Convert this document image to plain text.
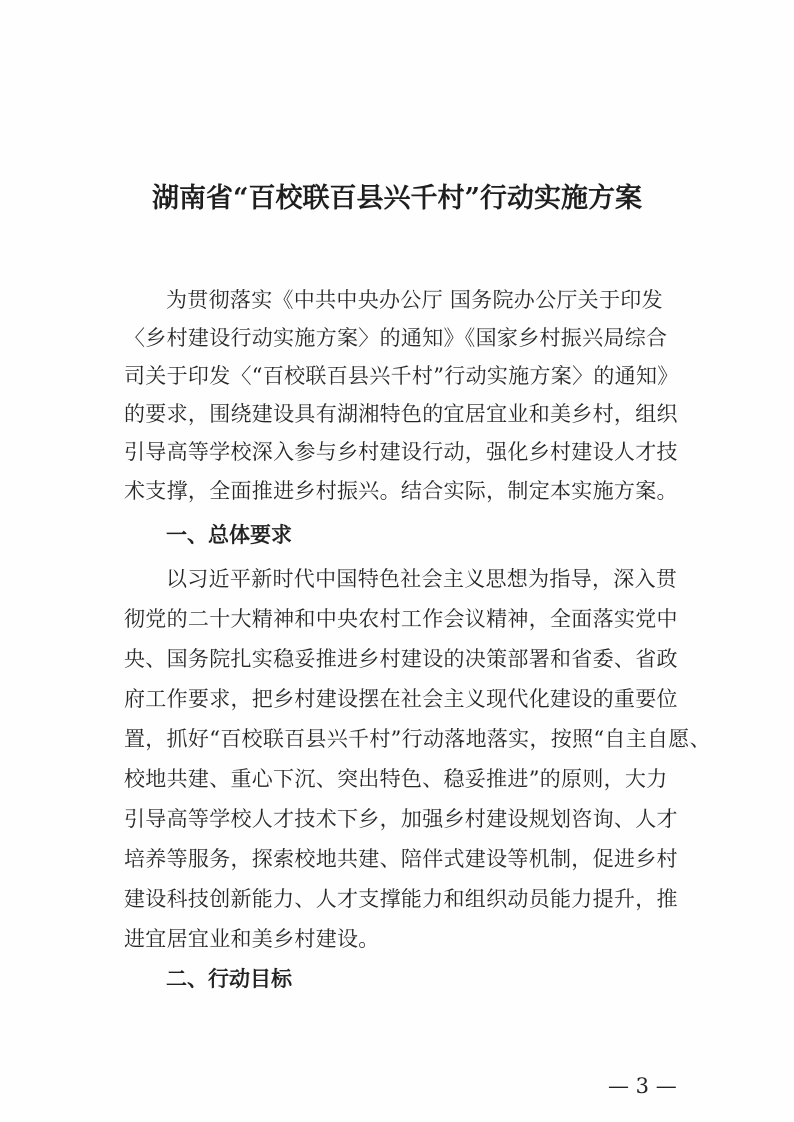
湖南省“百校联百县兴千村”行动实施方案
为贯彻落实《中共中央办公厅 国务院办公厅关于印发
〈乡村建设行动实施方案〉的通知》《国家乡村振兴局综合
司关于印发〈“百校联百县兴千村”行动实施方案〉的通知》
的要求，围绕建设具有湖湘特色的宜居宜业和美乡村，组织
引导高等学校深入参与乡村建设行动，强化乡村建设人才技
术支撑，全面推进乡村振兴。结合实际，制定本实施方案。
一、总体要求
以习近平新时代中国特色社会主义思想为指导，深入贯
彻党的二十大精神和中央农村工作会议精神，全面落实党中
央、国务院扎实稳妥推进乡村建设的决策部署和省委、省政
府工作要求，把乡村建设摆在社会主义现代化建设的重要位
置，抓好“百校联百县兴千村”行动落地落实，按照“自主自愿、
校地共建、重心下沉、突出特色、稳妥推进”的原则，大力
引导高等学校人才技术下乡，加强乡村建设规划咨询、人才
培养等服务，探索校地共建、陪伴式建设等机制，促进乡村
建设科技创新能力、人才支撑能力和组织动员能力提升，推
进宜居宜业和美乡村建设。
二、行动目标
— 3 —
